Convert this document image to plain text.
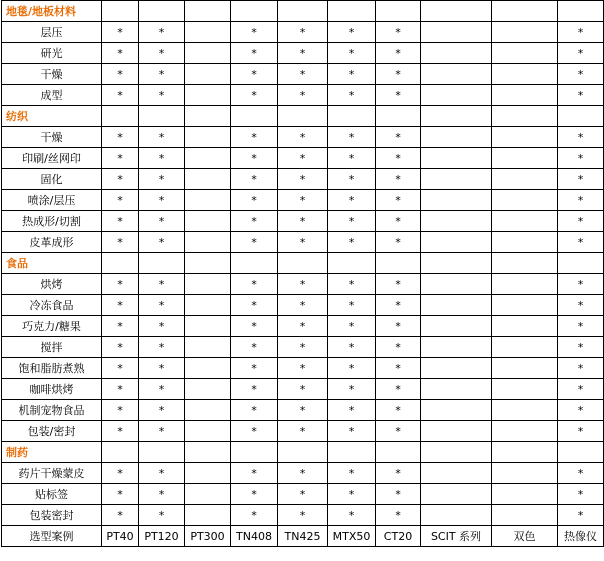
地毯/地板材料										
层压	*	*		*	*	*	*			*
研光	*	*		*	*	*	*			*
干燥	*	*		*	*	*	*			*
成型	*	*		*	*	*	*			*
纺织										
干燥	*	*		*	*	*	*			*
印刷/丝网印	*	*		*	*	*	*			*
固化	*	*		*	*	*	*			*
喷涂/层压	*	*		*	*	*	*			*
热成形/切割	*	*		*	*	*	*			*
皮革成形	*	*		*	*	*	*			*
食品										
烘烤	*	*		*	*	*	*			*
冷冻食品	*	*		*	*	*	*			*
巧克力/糖果	*	*		*	*	*	*			*
搅拌	*	*		*	*	*	*			*
饱和脂肪煮熟	*	*		*	*	*	*			*
咖啡烘烤	*	*		*	*	*	*			*
机制宠物食品	*	*		*	*	*	*			*
包装/密封	*	*		*	*	*	*			*
制药										
药片干燥蒙皮	*	*		*	*	*	*			*
贴标签	*	*		*	*	*	*			*
包装密封	*	*		*	*	*	*			*
选型案例	PT40	PT120	PT300	TN408	TN425	MTX50	CT20	SCIT 系列	双色	热像仪
